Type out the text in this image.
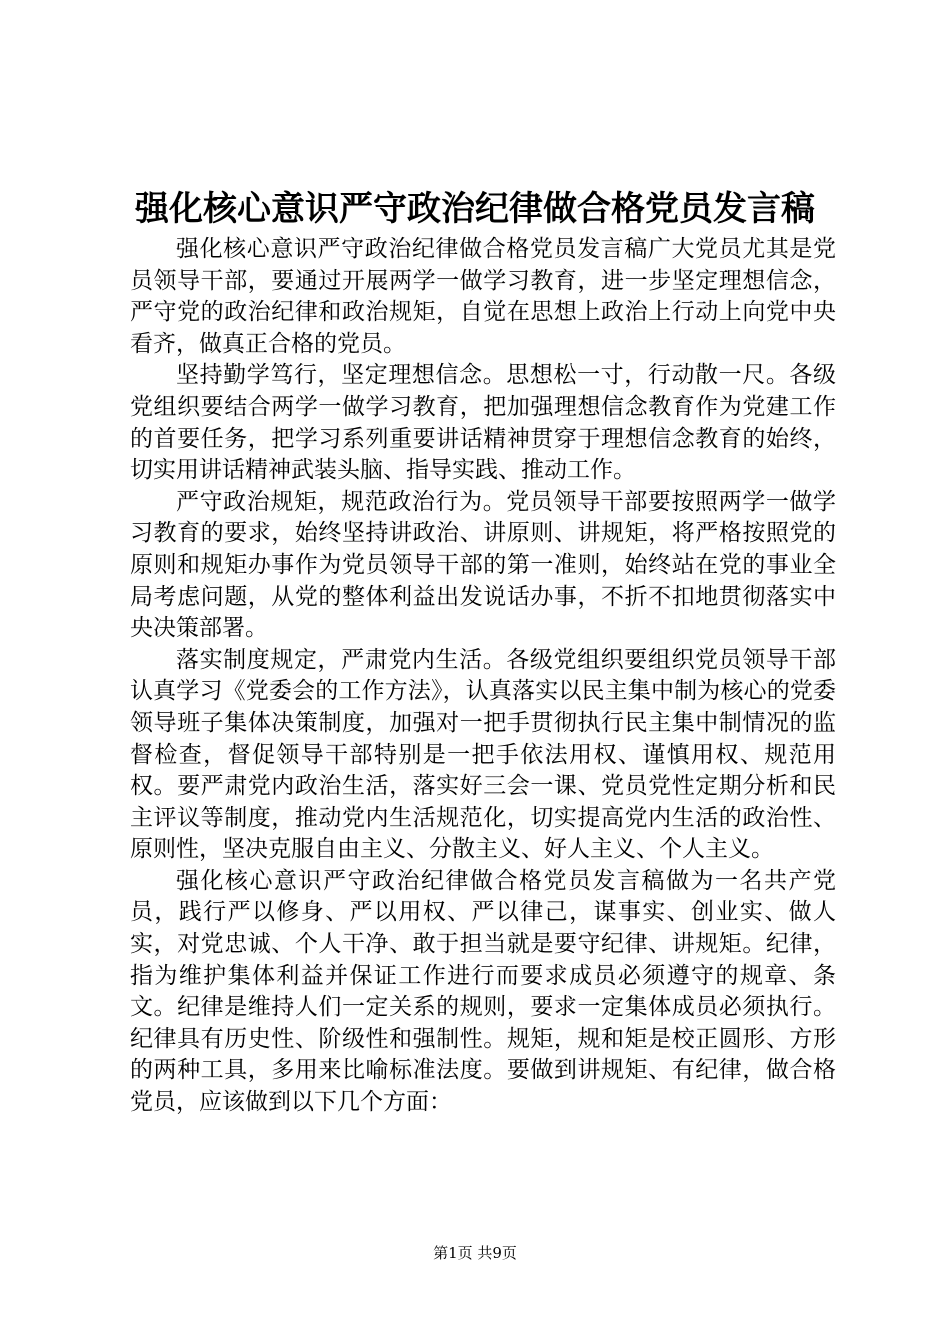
强化核心意识严守政治纪律做合格党员发言稿

强化核心意识严守政治纪律做合格党员发言稿广大党员尤其是党员领导干部，要通过开展两学一做学习教育，进一步坚定理想信念，严守党的政治纪律和政治规矩，自觉在思想上政治上行动上向党中央看齐，做真正合格的党员。

坚持勤学笃行，坚定理想信念。思想松一寸，行动散一尺。各级党组织要结合两学一做学习教育，把加强理想信念教育作为党建工作的首要任务，把学习系列重要讲话精神贯穿于理想信念教育的始终，切实用讲话精神武装头脑、指导实践、推动工作。

严守政治规矩，规范政治行为。党员领导干部要按照两学一做学习教育的要求，始终坚持讲政治、讲原则、讲规矩，将严格按照党的原则和规矩办事作为党员领导干部的第一准则，始终站在党的事业全局考虑问题，从党的整体利益出发说话办事，不折不扣地贯彻落实中央决策部署。

落实制度规定，严肃党内生活。各级党组织要组织党员领导干部认真学习《党委会的工作方法》，认真落实以民主集中制为核心的党委领导班子集体决策制度，加强对一把手贯彻执行民主集中制情况的监督检查，督促领导干部特别是一把手依法用权、谨慎用权、规范用权。要严肃党内政治生活，落实好三会一课、党员党性定期分析和民主评议等制度，推动党内生活规范化，切实提高党内生活的政治性、原则性，坚决克服自由主义、分散主义、好人主义、个人主义。

强化核心意识严守政治纪律做合格党员发言稿做为一名共产党员，践行严以修身、严以用权、严以律己，谋事实、创业实、做人实，对党忠诚、个人干净、敢于担当就是要守纪律、讲规矩。纪律，指为维护集体利益并保证工作进行而要求成员必须遵守的规章、条文。纪律是维持人们一定关系的规则，要求一定集体成员必须执行。纪律具有历史性、阶级性和强制性。规矩，规和矩是校正圆形、方形的两种工具，多用来比喻标准法度。要做到讲规矩、有纪律，做合格党员，应该做到以下几个方面：

第1页 共9页
